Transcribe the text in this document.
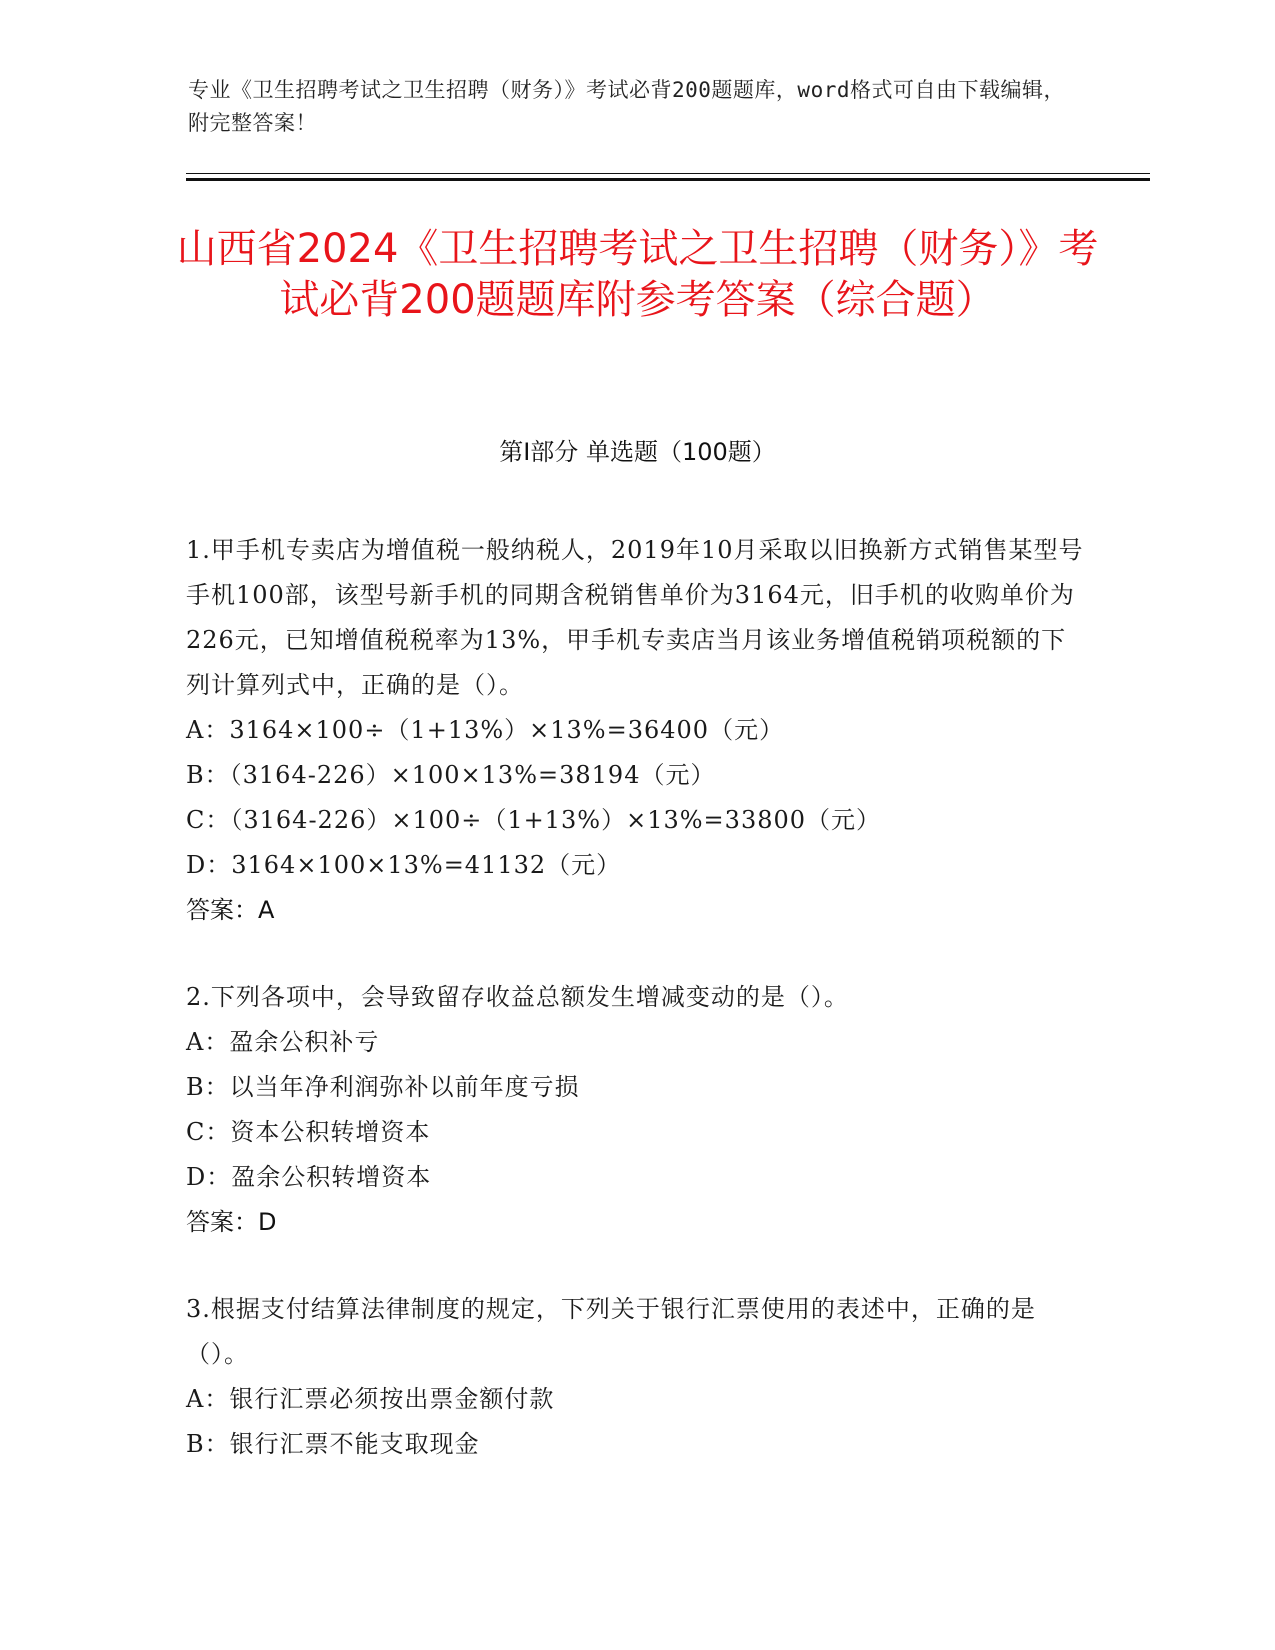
专业《卫生招聘考试之卫生招聘（财务）》考试必背200题题库，word格式可自由下载编辑，附完整答案！
山西省2024《卫生招聘考试之卫生招聘（财务）》考试必背200题题库附参考答案（综合题）
第Ⅰ部分 单选题（100题）

1.甲手机专卖店为增值税一般纳税人，2019年10月采取以旧换新方式销售某型号手机100部，该型号新手机的同期含税销售单价为3164元，旧手机的收购单价为226元，已知增值税税率为13%，甲手机专卖店当月该业务增值税销项税额的下列计算列式中，正确的是（）。

A：3164×100÷（1+13%）×13%=36400（元）

B：（3164-226）×100×13%=38194（元）

C：（3164-226）×100÷（1+13%）×13%=33800（元）

D：3164×100×13%=41132（元）

答案：A

2.下列各项中，会导致留存收益总额发生增减变动的是（）。

A：盈余公积补亏

B：以当年净利润弥补以前年度亏损

C：资本公积转增资本

D：盈余公积转增资本

答案：D

3.根据支付结算法律制度的规定，下列关于银行汇票使用的表述中，正确的是（）。

A：银行汇票必须按出票金额付款

B：银行汇票不能支取现金
